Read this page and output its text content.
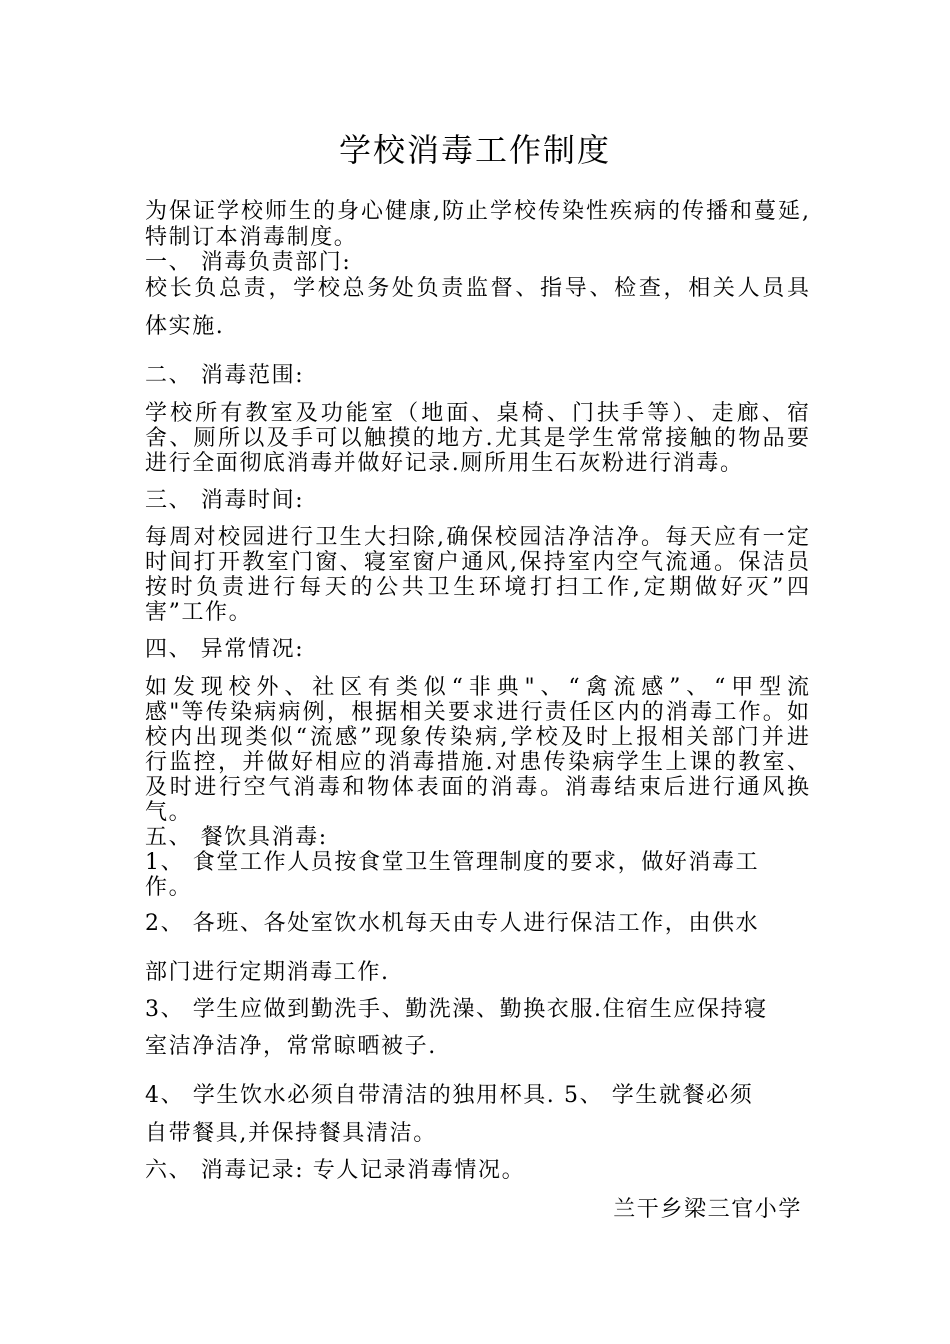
学校消毒工作制度
为保证学校师生的身心健康,防止学校传染性疾病的传播和蔓延,
特制订本消毒制度。
一、 消毒负责部门:
校长负总责，学校总务处负责监督、指导、检查，相关人员具
体实施.
二、 消毒范围:
学校所有教室及功能室（地面、桌椅、门扶手等）、走廊、宿
舍、厕所以及手可以触摸的地方.尤其是学生常常接触的物品要
进行全面彻底消毒并做好记录.厕所用生石灰粉进行消毒。
三、 消毒时间:
每周对校园进行卫生大扫除,确保校园洁净洁净。每天应有一定
时间打开教室门窗、寝室窗户通风,保持室内空气流通。保洁员
按时负责进行每天的公共卫生环境打扫工作,定期做好灭”四
害”工作。
四、 异常情况:
如发现校外、社区有类似“非典"、“禽流感”、“甲型流
感"等传染病病例，根据相关要求进行责任区内的消毒工作。如
校内出现类似“流感”现象传染病,学校及时上报相关部门并进
行监控，并做好相应的消毒措施.对患传染病学生上课的教室、
及时进行空气消毒和物体表面的消毒。消毒结束后进行通风换
气。
五、 餐饮具消毒:
1、 食堂工作人员按食堂卫生管理制度的要求，做好消毒工
作。
2、 各班、各处室饮水机每天由专人进行保洁工作，由供水
部门进行定期消毒工作.
3、 学生应做到勤洗手、勤洗澡、勤换衣服.住宿生应保持寝
室洁净洁净，常常晾晒被子.
4、 学生饮水必须自带清洁的独用杯具. 5、 学生就餐必须
自带餐具,并保持餐具清洁。
六、 消毒记录: 专人记录消毒情况。
兰干乡梁三官小学
